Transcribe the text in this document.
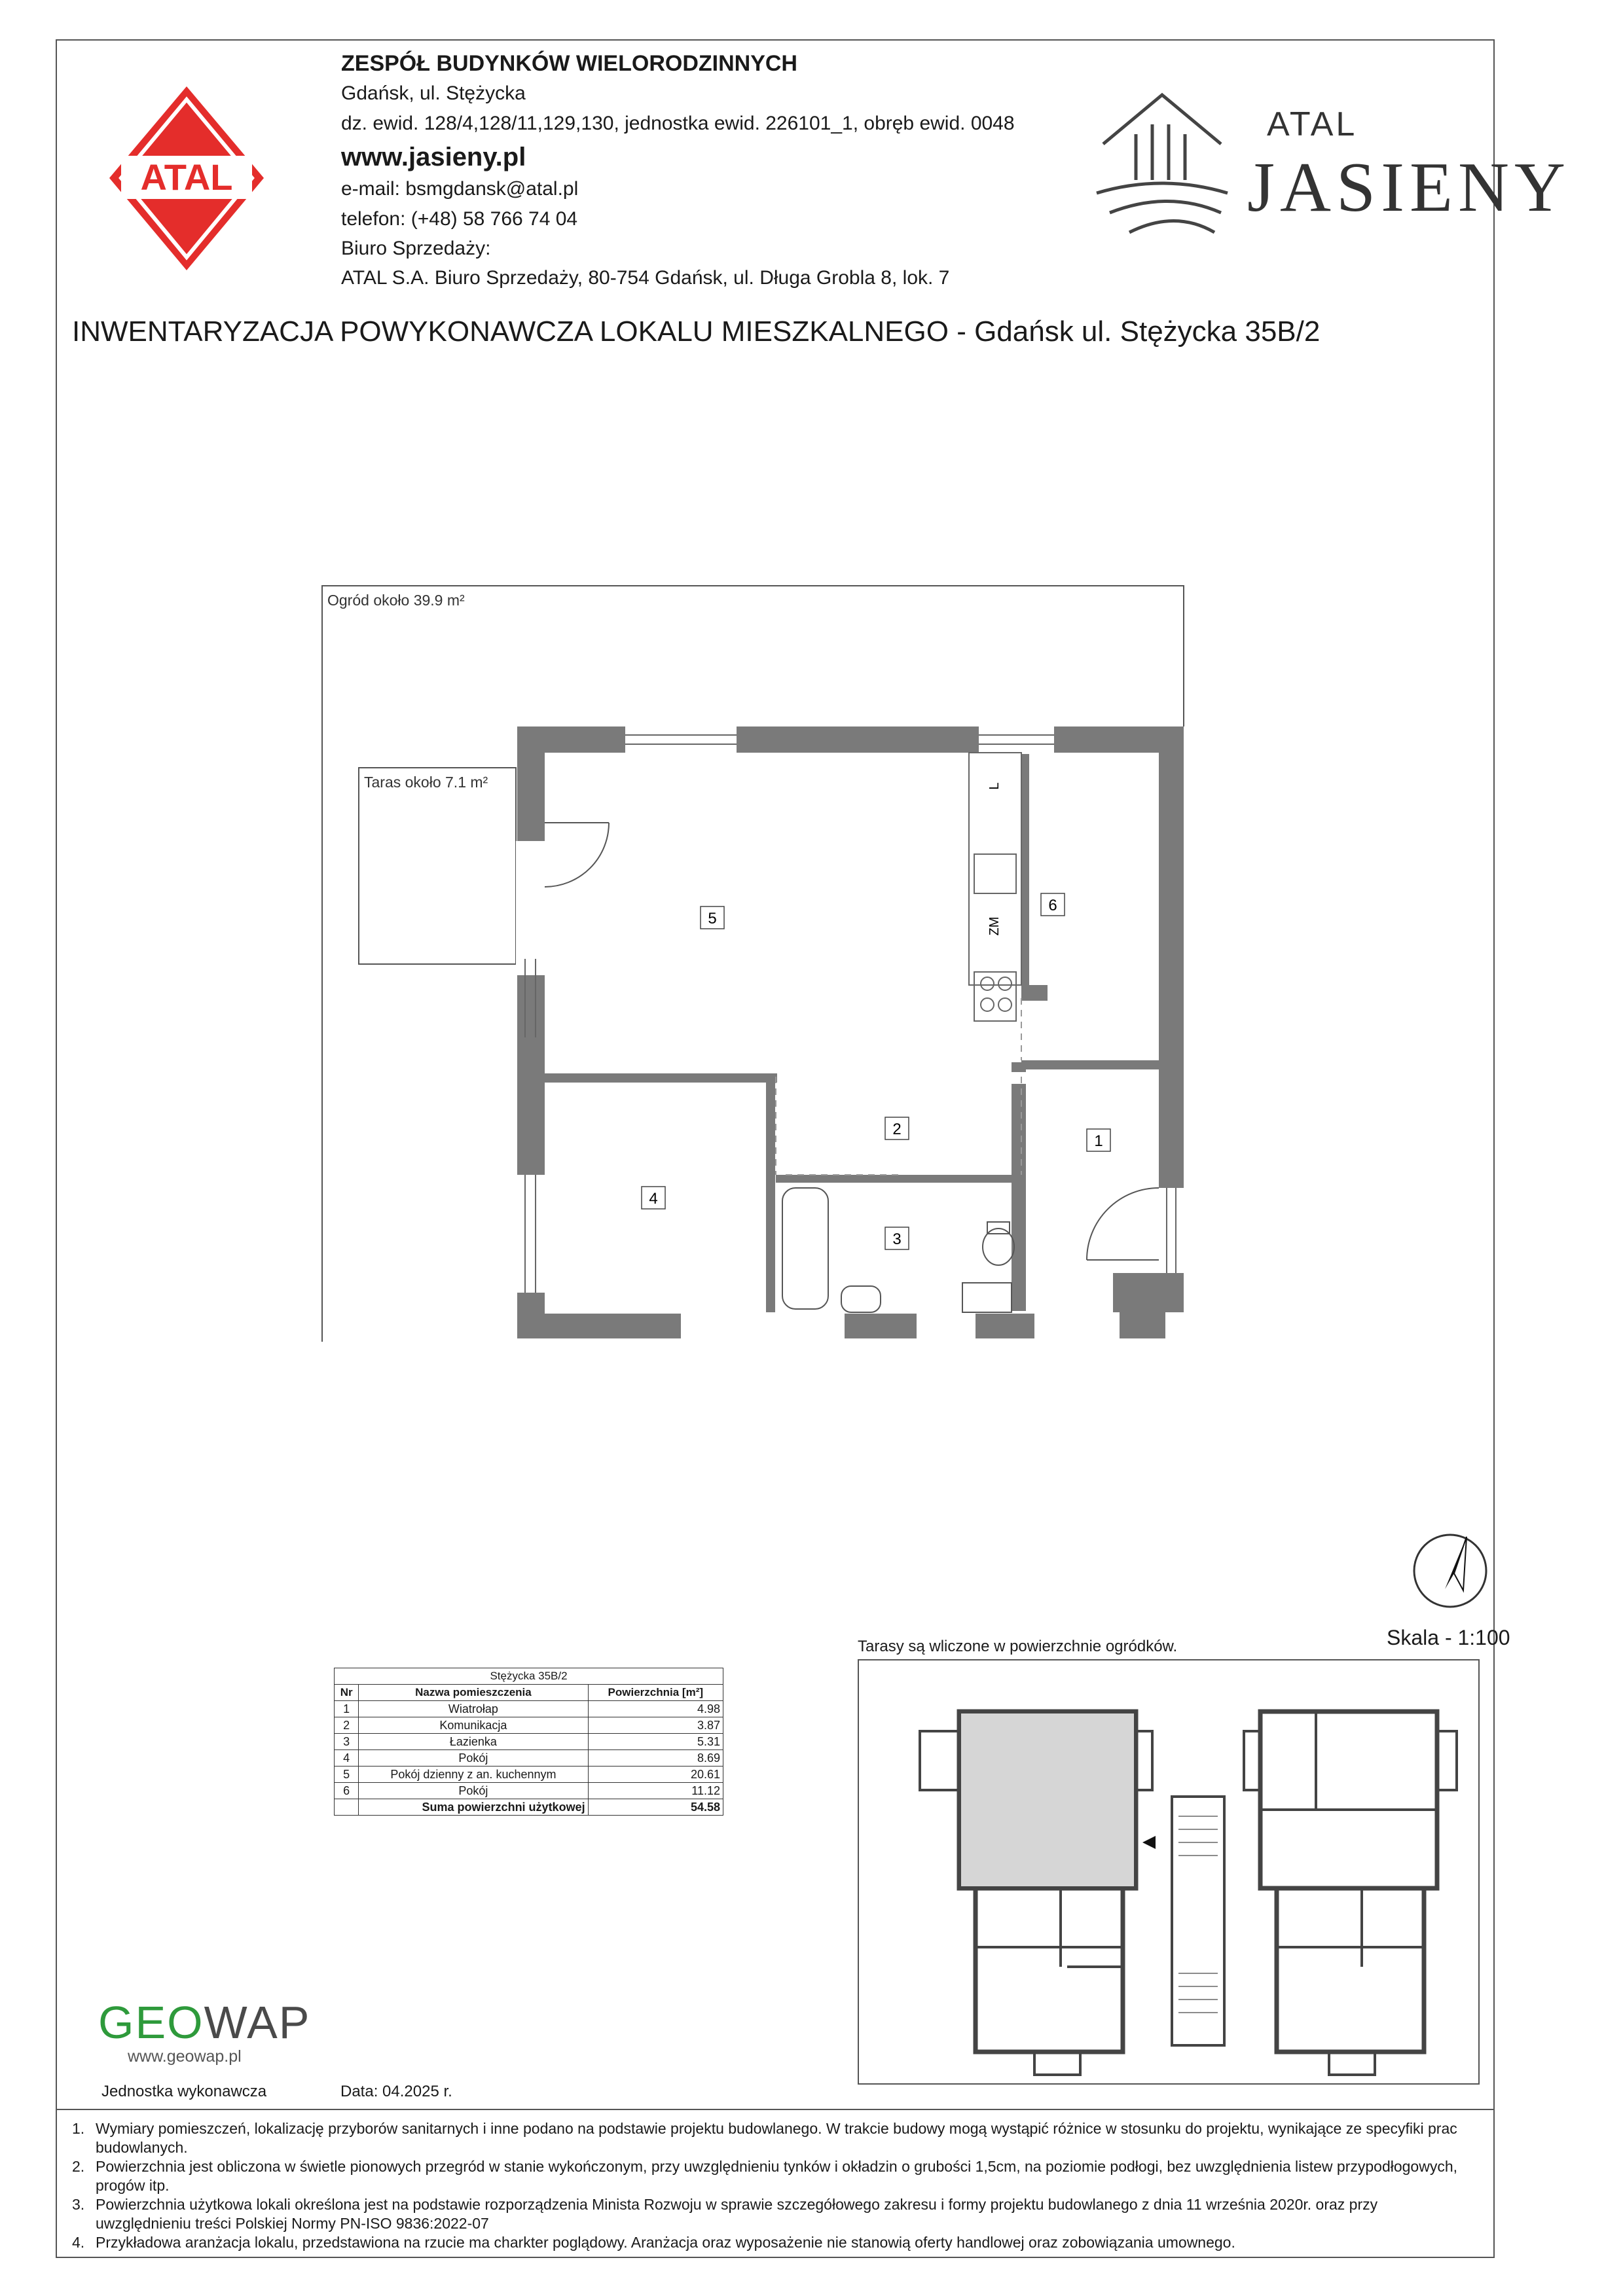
ATAL
ZESPÓŁ BUDYNKÓW WIELORODZINNYCH
Gdańsk, ul. Stężycka
dz. ewid. 128/4,128/11,129,130, jednostka ewid. 226101_1, obręb ewid. 0048
www.jasieny.pl
e-mail: bsmgdansk@atal.pl
telefon: (+48) 58 766 74 04
Biuro Sprzedaży:
ATAL S.A. Biuro Sprzedaży, 80-754 Gdańsk, ul. Długa Grobla 8, lok. 7
ATAL
JASIENY
INWENTARYZACJA POWYKONAWCZA LOKALU MIESZKALNEGO - Gdańsk ul. Stężycka 35B/2
L
ZM
1
2
3
4
5
6
Ogród około 39.9 m²
Taras około 7.1 m²
Skala - 1:100
Stężycka 35B/2		
Nr	Nazwa pomieszczenia	Powierzchnia [m²]
1	Wiatrołap	4.98
2	Komunikacja	3.87
3	Łazienka	5.31
4	Pokój	8.69
5	Pokój dzienny z an. kuchennym	20.61
6	Pokój	11.12
	Suma powierzchni użytkowej	54.58
Tarasy są wliczone w powierzchnie ogródków.
GEOWAP
www.geowap.pl
Jednostka wykonawcza	Data: 04.2025 r.
1. Wymiary pomieszczeń, lokalizację przyborów sanitarnych i inne podano na podstawie projektu budowlanego. W trakcie budowy mogą wystąpić różnice w stosunku do projektu, wynikające ze specyfiki prac budowlanych.
2. Powierzchnia jest obliczona w świetle pionowych przegród w stanie wykończonym, przy uwzględnieniu tynków i okładzin o grubości 1,5cm, na poziomie podłogi, bez uwzględnienia listew przypodłogowych, progów itp.
3. Powierzchnia użytkowa lokali określona jest na podstawie rozporządzenia Minista Rozwoju w sprawie szczegółowego zakresu i formy projektu budowlanego z dnia 11 września 2020r. oraz przy uwzględnieniu treści Polskiej Normy PN-ISO 9836:2022-07
4. Przykładowa aranżacja lokalu, przedstawiona na rzucie ma charkter poglądowy. Aranżacja oraz wyposażenie nie stanowią oferty handlowej oraz zobowiązania umownego.
